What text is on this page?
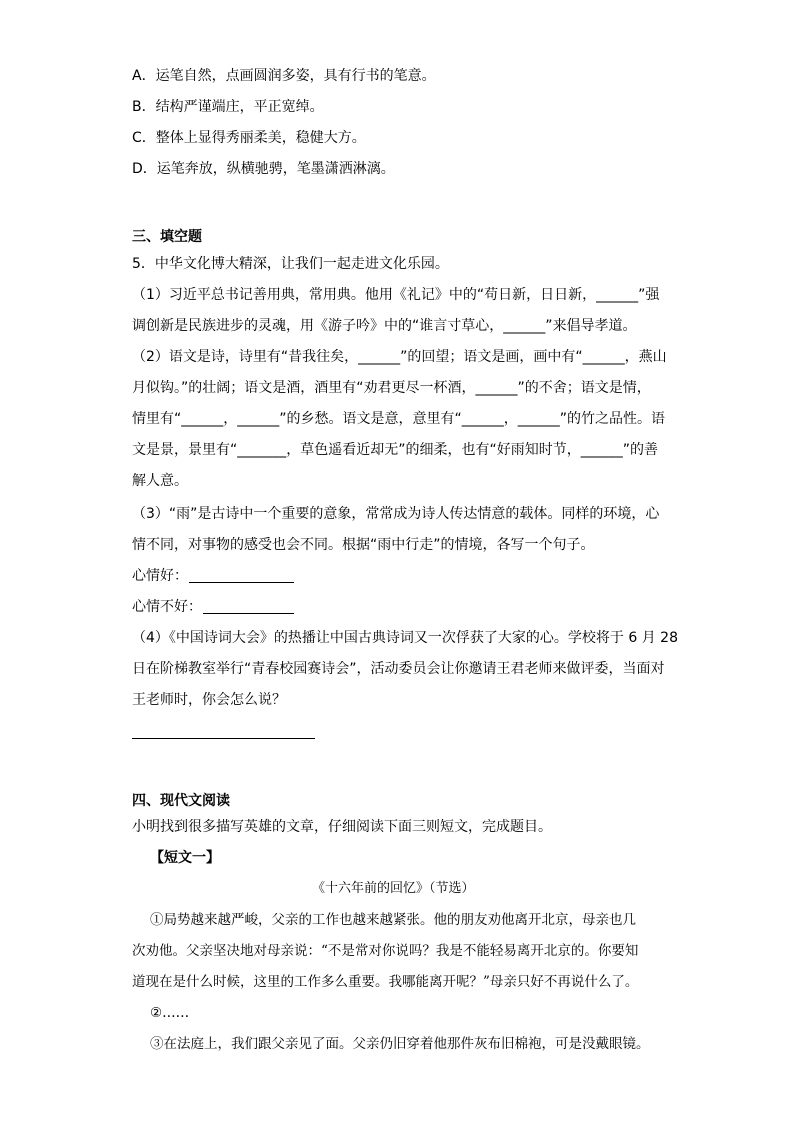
A．运笔自然，点画圆润多姿，具有行书的笔意。
B．结构严谨端庄，平正宽绰。
C．整体上显得秀丽柔美，稳健大方。
D．运笔奔放，纵横驰骋，笔墨潇洒淋漓。
三、填空题
5．中华文化博大精深，让我们一起走进文化乐园。
（1）习近平总书记善用典，常用典。他用《礼记》中的“苟日新，日日新，______”强
调创新是民族进步的灵魂，用《游子吟》中的“谁言寸草心，______”来倡导孝道。
（2）语文是诗，诗里有“昔我往矣，______”的回望；语文是画，画中有“______，燕山
月似钩。”的壮阔；语文是酒，酒里有“劝君更尽一杯酒，______”的不舍；语文是情，
情里有“______，______”的乡愁。语文是意，意里有“______，______”的竹之品性。语
文是景，景里有“_______，草色遥看近却无”的细柔，也有“好雨知时节，______”的善
解人意。
（3）“雨”是古诗中一个重要的意象，常常成为诗人传达情意的载体。同样的环境，心
情不同，对事物的感受也会不同。根据“雨中行走”的情境，各写一个句子。
心情好：
心情不好：
（4）《中国诗词大会》的热播让中国古典诗词又一次俘获了大家的心。学校将于 6 月 28
日在阶梯教室举行“青春校园赛诗会”，活动委员会让你邀请王君老师来做评委，当面对
王老师时，你会怎么说？
四、现代文阅读
小明找到很多描写英雄的文章，仔细阅读下面三则短文，完成题目。
【短文一】
《十六年前的回忆》（节选）
①局势越来越严峻，父亲的工作也越来越紧张。他的朋友劝他离开北京，母亲也几
次劝他。父亲坚决地对母亲说：“不是常对你说吗？我是不能轻易离开北京的。你要知
道现在是什么时候，这里的工作多么重要。我哪能离开呢？”母亲只好不再说什么了。
②……
③在法庭上，我们跟父亲见了面。父亲仍旧穿着他那件灰布旧棉袍，可是没戴眼镜。
